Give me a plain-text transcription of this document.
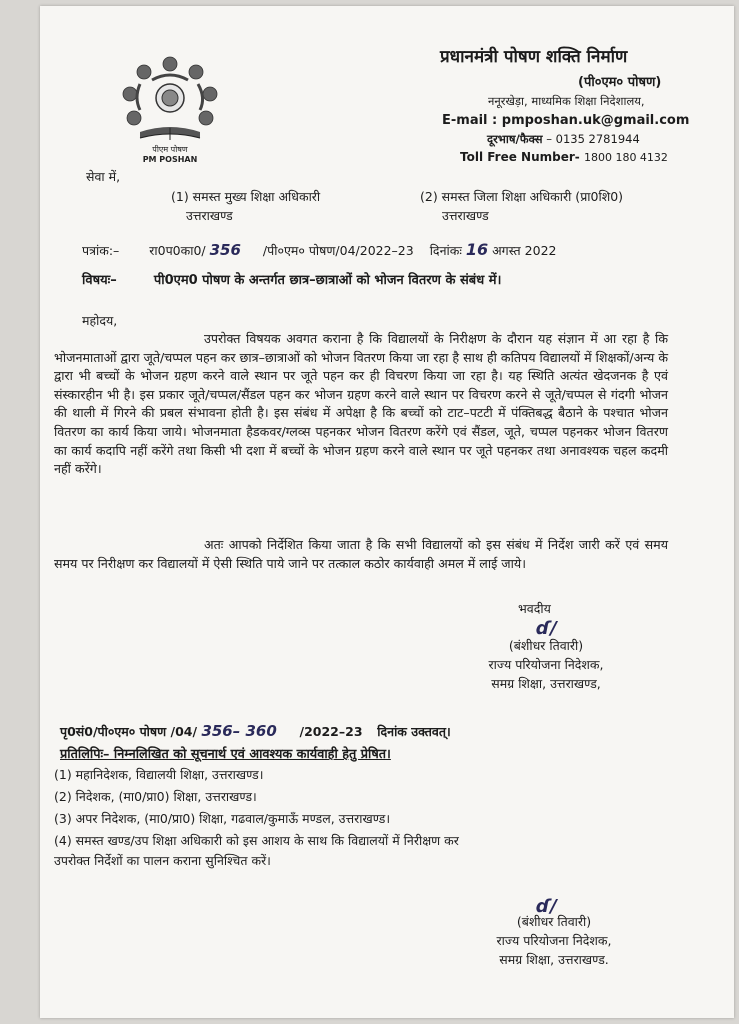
पीएम पोषण
PM POSHAN
प्रधानमंत्री पोषण शक्ति निर्माण
(पी०एम० पोषण)
ननूरखेड़ा, माध्यमिक शिक्षा निदेशालय,
E-mail : pmposhan.uk@gmail.com
दूरभाष/फैक्स – 0135 2781944
Toll Free Number- 1800 180 4132
सेवा में,
(1) समस्त मुख्य शिक्षा अधिकारी
उत्तराखण्ड
(2) समस्त जिला शिक्षा अधिकारी (प्रा0शि0)
उत्तराखण्ड
पत्रांक:– रा0प0का0/ 356 /पी०एम० पोषण/04/2022–23 दिनांकः 16 अगस्त 2022
विषयः–	पी0एम0 पोषण के अन्तर्गत छात्र–छात्राओं को भोजन वितरण के संबंध में।
महोदय,
उपरोक्त विषयक अवगत कराना है कि विद्यालयों के निरीक्षण के दौरान यह संज्ञान में आ रहा है कि भोजनमाताओं द्वारा जूते/चप्पल पहन कर छात्र–छात्राओं को भोजन वितरण किया जा रहा है साथ ही कतिपय विद्यालयों में शिक्षकों/अन्य के द्वारा भी बच्चों के भोजन ग्रहण करने वाले स्थान पर जूते पहन कर ही विचरण किया जा रहा है। यह स्थिति अत्यंत खेदजनक है एवं संस्कारहीन भी है। इस प्रकार जूते/चप्पल/सैंडल पहन कर भोजन ग्रहण करने वाले स्थान पर विचरण करने से जूते/चप्पल से गंदगी भोजन की थाली में गिरने की प्रबल संभावना होती है। इस संबंध में अपेक्षा है कि बच्चों को टाट–पटटी में पंक्तिबद्ध बैठाने के पश्चात भोजन वितरण का कार्य किया जाये। भोजनमाता हैडकवर/ग्लव्स पहनकर भोजन वितरण करेंगे एवं सैंडल, जूते, चप्पल पहनकर भोजन वितरण का कार्य कदापि नहीं करेंगे तथा किसी भी दशा में बच्चों के भोजन ग्रहण करने वाले स्थान पर जूते पहनकर तथा अनावश्यक चहल कदमी नहीं करेंगे।
अतः आपको निर्देशित किया जाता है कि सभी विद्यालयों को इस संबंध में निर्देश जारी करें एवं समय समय पर निरीक्षण कर विद्यालयों में ऐसी स्थिति पाये जाने पर तत्काल कठोर कार्यवाही अमल में लाई जाये।
भवदीय
ɗ/
(बंशीधर तिवारी)
राज्य परियोजना निदेशक,
समग्र शिक्षा, उत्तराखण्ड,
पृ0सं0/पी०एम० पोषण /04/ 356– 360 /2022–23 दिनांक उक्तवत्।
प्रतिलिपिः– निम्नलिखित को सूचनार्थ एवं आवश्यक कार्यवाही हेतु प्रेषित।
(1) महानिदेशक, विद्यालयी शिक्षा, उत्तराखण्ड।
(2) निदेशक, (मा0/प्रा0) शिक्षा, उत्तराखण्ड।
(3) अपर निदेशक, (मा0/प्रा0) शिक्षा, गढवाल/कुमाऊँ मण्डल, उत्तराखण्ड।
(4) समस्त खण्ड/उप शिक्षा अधिकारी को इस आशय के साथ कि विद्यालयों में निरीक्षण कर
उपरोक्त निर्देशों का पालन कराना सुनिश्चित करें।
ɗ/
(बंशीधर तिवारी)
राज्य परियोजना निदेशक,
समग्र शिक्षा, उत्तराखण्ड.
